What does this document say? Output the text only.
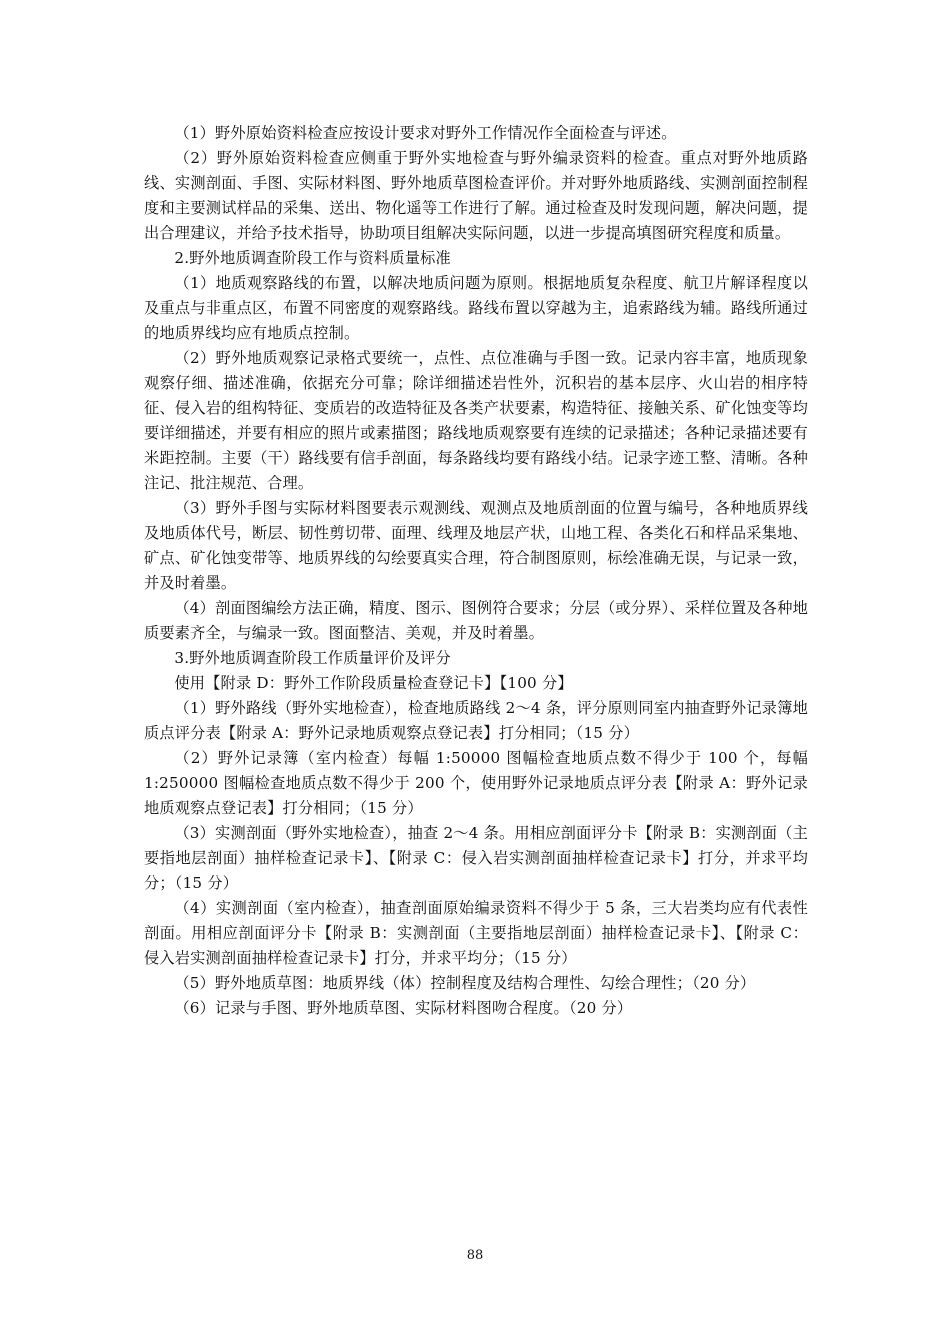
（1）野外原始资料检查应按设计要求对野外工作情况作全面检查与评述。

（2）野外原始资料检查应侧重于野外实地检查与野外编录资料的检查。重点对野外地质路线、实测剖面、手图、实际材料图、野外地质草图检查评价。并对野外地质路线、实测剖面控制程度和主要测试样品的采集、送出、物化遥等工作进行了解。通过检查及时发现问题，解决问题，提出合理建议，并给予技术指导，协助项目组解决实际问题，以进一步提高填图研究程度和质量。

2.野外地质调查阶段工作与资料质量标准

（1）地质观察路线的布置，以解决地质问题为原则。根据地质复杂程度、航卫片解译程度以及重点与非重点区，布置不同密度的观察路线。路线布置以穿越为主，追索路线为辅。路线所通过的地质界线均应有地质点控制。

（2）野外地质观察记录格式要统一，点性、点位准确与手图一致。记录内容丰富，地质现象观察仔细、描述准确，依据充分可靠；除详细描述岩性外，沉积岩的基本层序、火山岩的相序特征、侵入岩的组构特征、变质岩的改造特征及各类产状要素，构造特征、接触关系、矿化蚀变等均要详细描述，并要有相应的照片或素描图；路线地质观察要有连续的记录描述；各种记录描述要有米距控制。主要（干）路线要有信手剖面，每条路线均要有路线小结。记录字迹工整、清晰。各种注记、批注规范、合理。

（3）野外手图与实际材料图要表示观测线、观测点及地质剖面的位置与编号，各种地质界线及地质体代号，断层、韧性剪切带、面理、线理及地层产状，山地工程、各类化石和样品采集地、矿点、矿化蚀变带等、地质界线的勾绘要真实合理，符合制图原则，标绘准确无误，与记录一致，并及时着墨。

（4）剖面图编绘方法正确，精度、图示、图例符合要求；分层（或分界）、采样位置及各种地质要素齐全，与编录一致。图面整洁、美观，并及时着墨。

3.野外地质调查阶段工作质量评价及评分

使用【附录 D：野外工作阶段质量检查登记卡】【100 分】

（1）野外路线（野外实地检查），检查地质路线 2～4 条，评分原则同室内抽查野外记录簿地质点评分表【附录 A：野外记录地质观察点登记表】打分相同；（15 分）

（2）野外记录簿（室内检查）每幅 1:50000 图幅检查地质点数不得少于 100 个，每幅 1:250000 图幅检查地质点数不得少于 200 个，使用野外记录地质点评分表【附录 A：野外记录地质观察点登记表】打分相同；（15 分）

（3）实测剖面（野外实地检查），抽查 2～4 条。用相应剖面评分卡【附录 B：实测剖面（主要指地层剖面）抽样检查记录卡】、【附录 C：侵入岩实测剖面抽样检查记录卡】打分，并求平均分；（15 分）

（4）实测剖面（室内检查），抽查剖面原始编录资料不得少于 5 条，三大岩类均应有代表性剖面。用相应剖面评分卡【附录 B：实测剖面（主要指地层剖面）抽样检查记录卡】、【附录 C：侵入岩实测剖面抽样检查记录卡】打分，并求平均分；（15 分）

（5）野外地质草图：地质界线（体）控制程度及结构合理性、勾绘合理性；（20 分）

（6）记录与手图、野外地质草图、实际材料图吻合程度。（20 分）

88
